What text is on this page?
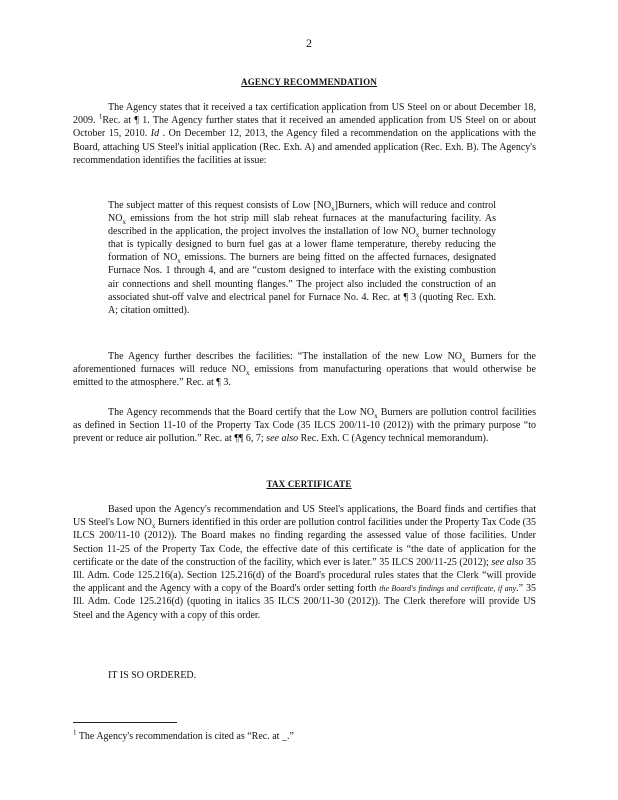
2
AGENCY RECOMMENDATION

The Agency states that it received a tax certification application from US Steel on or about December 18, 2009. $^1$Rec. at ¶ 1. The Agency further states that it received an amended application from US Steel on or about October 15, 2010. Id . On December 12, 2013, the Agency filed a recommendation on the applications with the Board, attaching US Steel's initial application (Rec. Exh. A) and amended application (Rec. Exh. B). The Agency's recommendation identifies the facilities at issue:

The subject matter of this request consists of Low $[NO_x]Burners$, which will reduce and control $NO_x$ emissions from the hot strip mill slab reheat furnaces at the manufacturing facility. As described in the application, the project involves the installation of low $NO_x$ burner technology that is typically designed to burn fuel gas at a lower flame temperature, thereby reducing the formation of $NO_x$ emissions. The burners are being fitted on the affected furnaces, designated Furnace Nos. 1 through 4, and are “custom designed to interface with the existing combustion air connections and shell mounting flanges.” The project also included the construction of an associated shut-off valve and electrical panel for Furnace No. 4. Rec. at ¶ 3 (quoting Rec. Exh. A; citation omitted).

The Agency further describes the facilities: “The installation of the new Low $NO_x$ Burners for the aforementioned furnaces will reduce $NO_x$ emissions from manufacturing operations that would otherwise be emitted to the atmosphere.” Rec. at ¶ 3.

The Agency recommends that the Board certify that the Low $NO_x$ Burners are pollution control facilities as defined in Section 11-10 of the Property Tax Code (35 ILCS 200/11-10 (2012)) with the primary purpose “to prevent or reduce air pollution.” Rec. at ¶¶ 6, 7; see also Rec. Exh. C (Agency technical memorandum).

TAX CERTIFICATE

Based upon the Agency's recommendation and US Steel's applications, the Board finds and certifies that US Steel's Low $NO_x$ Burners identified in this order are pollution control facilities under the Property Tax Code (35 ILCS 200/11-10 (2012)). The Board makes no finding regarding the assessed value of those facilities. Under Section 11-25 of the Property Tax Code, the effective date of this certificate is “the date of application for the certificate or the date of the construction of the facility, which ever is later.” 35 ILCS 200/11-25 (2012); see also 35 Ill. Adm. Code 125.216(a). Section 125.216(d) of the Board's procedural rules states that the Clerk “will provide the applicant and the Agency with a copy of the Board's order setting forth the Board's findings and certificate, if any.” 35 Ill. Adm. Code 125.216(d) (quoting in italics 35 ILCS 200/11-30 (2012)). The Clerk therefore will provide US Steel and the Agency with a copy of this order.

IT IS SO ORDERED.
$^1$ The Agency's recommendation is cited as “Rec. at _.”
